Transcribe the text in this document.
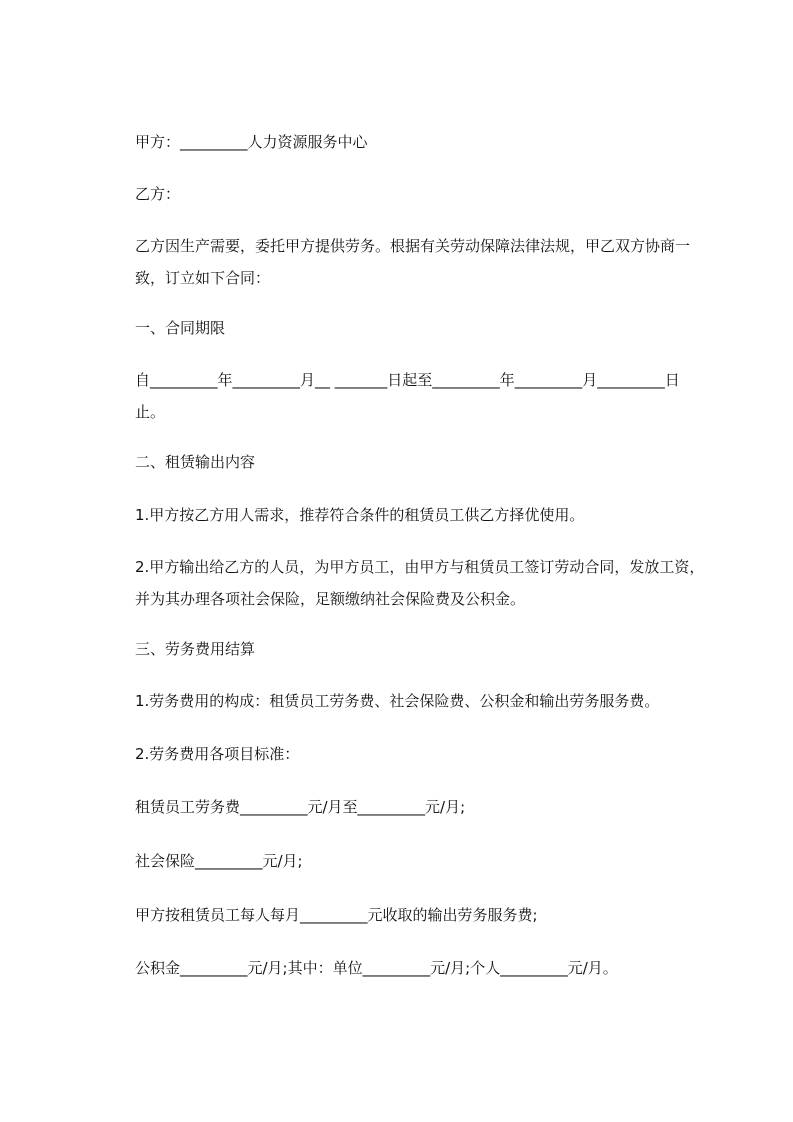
甲方：_________人力资源服务中心
乙方：
乙方因生产需要，委托甲方提供劳务。根据有关劳动保障法律法规，甲乙双方协商一致，订立如下合同：
一、合同期限
自_________年_________月__ _______日起至_________年_________月_________日止。
二、租赁输出内容
1.甲方按乙方用人需求，推荐符合条件的租赁员工供乙方择优使用。
2.甲方输出给乙方的人员，为甲方员工，由甲方与租赁员工签订劳动合同，发放工资，并为其办理各项社会保险，足额缴纳社会保险费及公积金。
三、劳务费用结算
1.劳务费用的构成：租赁员工劳务费、社会保险费、公积金和输出劳务服务费。
2.劳务费用各项目标准：
租赁员工劳务费_________元/月至_________元/月;
社会保险_________元/月;
甲方按租赁员工每人每月_________元收取的输出劳务服务费;
公积金_________元/月;其中：单位_________元/月;个人_________元/月。
